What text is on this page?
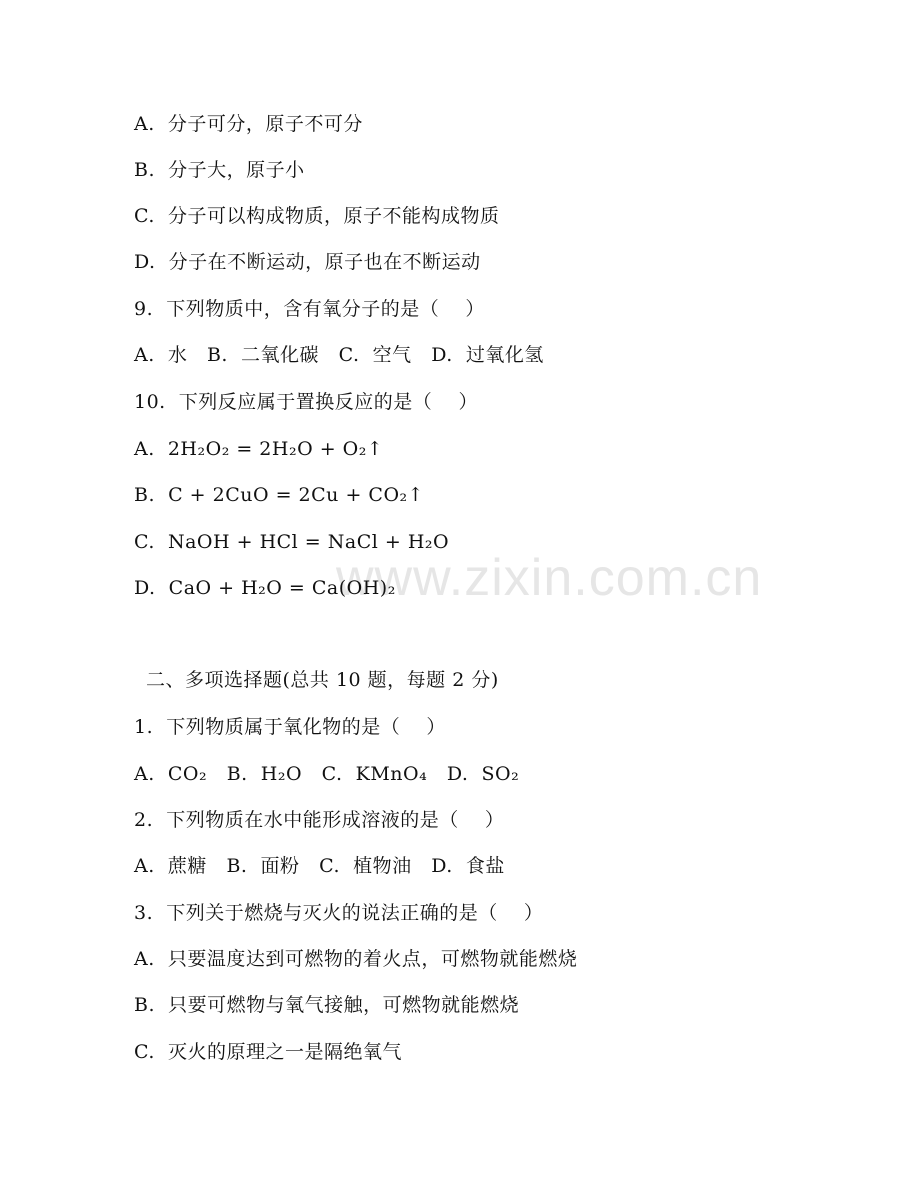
www.zixin.com.cn
A.  分子可分，原子不可分
B.  分子大，原子小
C.  分子可以构成物质，原子不能构成物质
D.  分子在不断运动，原子也在不断运动
9.  下列物质中，含有氧分子的是（    ）
A.  水   B.  二氧化碳   C.  空气   D.  过氧化氢
10.  下列反应属于置换反应的是（    ）
A.  2H₂O₂ = 2H₂O + O₂↑
B.  C + 2CuO = 2Cu + CO₂↑
C.  NaOH + HCl = NaCl + H₂O
D.  CaO + H₂O = Ca(OH)₂
二、多项选择题(总共 10 题，每题 2 分)
1.  下列物质属于氧化物的是（    ）
A.  CO₂   B.  H₂O   C.  KMnO₄   D.  SO₂
2.  下列物质在水中能形成溶液的是（    ）
A.  蔗糖   B.  面粉   C.  植物油   D.  食盐
3.  下列关于燃烧与灭火的说法正确的是（    ）
A.  只要温度达到可燃物的着火点，可燃物就能燃烧
B.  只要可燃物与氧气接触，可燃物就能燃烧
C.  灭火的原理之一是隔绝氧气
